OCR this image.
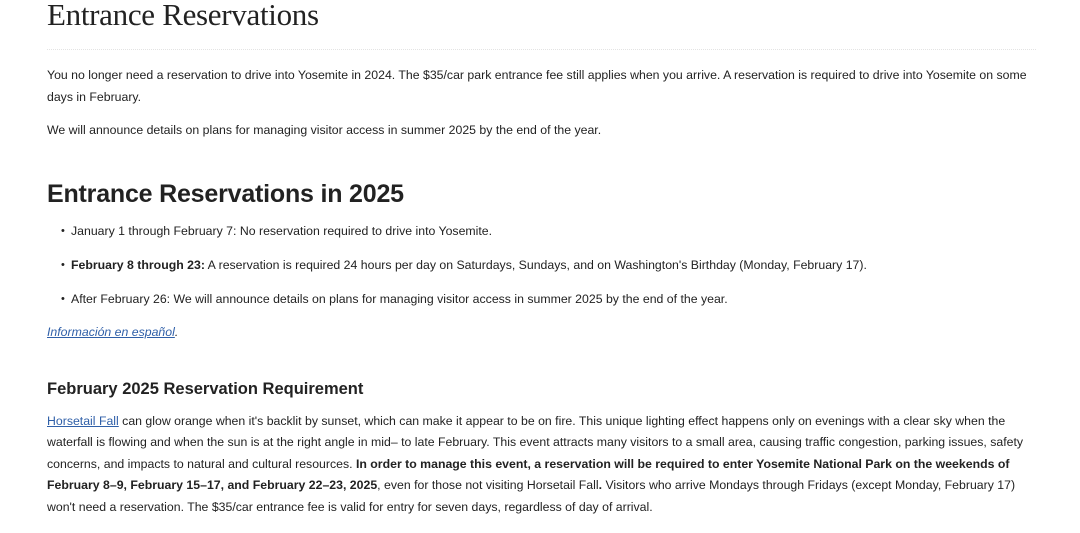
Entrance Reservations

You no longer need a reservation to drive into Yosemite in 2024. The $35/car park entrance fee still applies when you arrive. A reservation is required to drive into Yosemite on some days in February.

We will announce details on plans for managing visitor access in summer 2025 by the end of the year.

Entrance Reservations in 2025
• January 1 through February 7: No reservation required to drive into Yosemite.
• February 8 through 23: A reservation is required 24 hours per day on Saturdays, Sundays, and on Washington's Birthday (Monday, February 17).
• After February 26: We will announce details on plans for managing visitor access in summer 2025 by the end of the year.

Información en español.

February 2025 Reservation Requirement

Horsetail Fall can glow orange when it's backlit by sunset, which can make it appear to be on fire. This unique lighting effect happens only on evenings with a clear sky when the waterfall is flowing and when the sun is at the right angle in mid– to late February. This event attracts many visitors to a small area, causing traffic congestion, parking issues, safety concerns, and impacts to natural and cultural resources. In order to manage this event, a reservation will be required to enter Yosemite National Park on the weekends of February 8–9, February 15–17, and February 22–23, 2025, even for those not visiting Horsetail Fall. Visitors who arrive Mondays through Fridays (except Monday, February 17) won't need a reservation. The $35/car entrance fee is valid for entry for seven days, regardless of day of arrival.
